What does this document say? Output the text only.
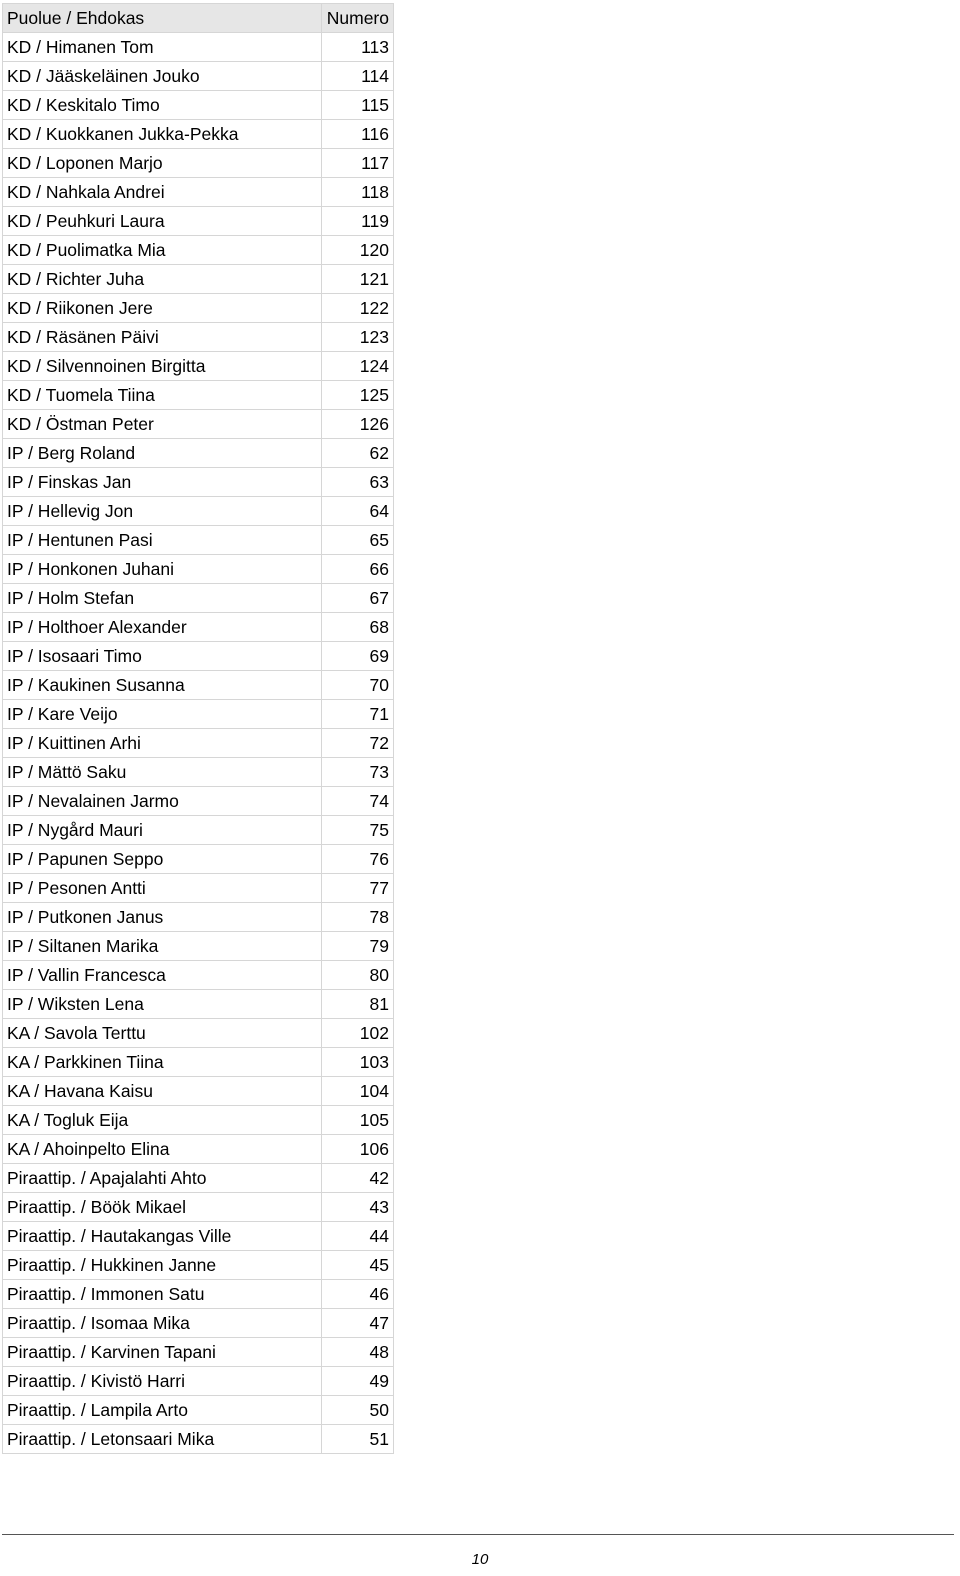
Puolue / Ehdokas	Numero
KD / Himanen Tom	113
KD / Jääskeläinen Jouko	114
KD / Keskitalo Timo	115
KD / Kuokkanen Jukka-Pekka	116
KD / Loponen Marjo	117
KD / Nahkala Andrei	118
KD / Peuhkuri Laura	119
KD / Puolimatka Mia	120
KD / Richter Juha	121
KD / Riikonen Jere	122
KD / Räsänen Päivi	123
KD / Silvennoinen Birgitta	124
KD / Tuomela Tiina	125
KD / Östman Peter	126
IP / Berg Roland	62
IP / Finskas Jan	63
IP / Hellevig Jon	64
IP / Hentunen Pasi	65
IP / Honkonen Juhani	66
IP / Holm Stefan	67
IP / Holthoer Alexander	68
IP / Isosaari Timo	69
IP / Kaukinen Susanna	70
IP / Kare Veijo	71
IP / Kuittinen Arhi	72
IP / Mättö Saku	73
IP / Nevalainen Jarmo	74
IP / Nygård Mauri	75
IP / Papunen Seppo	76
IP / Pesonen Antti	77
IP / Putkonen Janus	78
IP / Siltanen Marika	79
IP / Vallin Francesca	80
IP / Wiksten Lena	81
KA / Savola Terttu	102
KA / Parkkinen Tiina	103
KA / Havana Kaisu	104
KA / Togluk Eija	105
KA / Ahoinpelto Elina	106
Piraattip. / Apajalahti Ahto	42
Piraattip. / Böök Mikael	43
Piraattip. / Hautakangas Ville	44
Piraattip. / Hukkinen Janne	45
Piraattip. / Immonen Satu	46
Piraattip. / Isomaa Mika	47
Piraattip. / Karvinen Tapani	48
Piraattip. / Kivistö Harri	49
Piraattip. / Lampila Arto	50
Piraattip. / Letonsaari Mika	51
10
